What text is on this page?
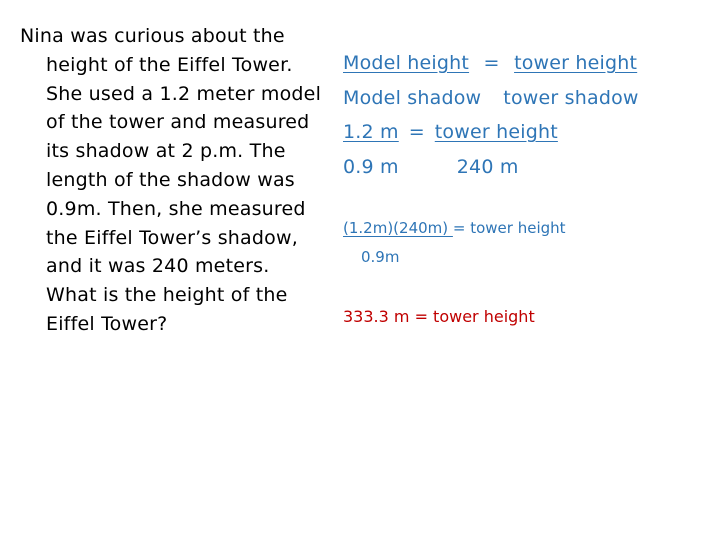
Nina was curious about the
height of the Eiffel Tower.
She used a 1.2 meter model
of the tower and measured
its shadow at 2 p.m. The
length of the shadow was
0.9m. Then, she measured
the Eiffel Tower’s shadow,
and it was 240 meters.
What is the height of the
Eiffel Tower?
Model height = tower height
Model shadow tower shadow
1.2 m = tower height
0.9 m	240 m
(1.2m)(240m) = tower height
0.9m
333.3 m = tower height
